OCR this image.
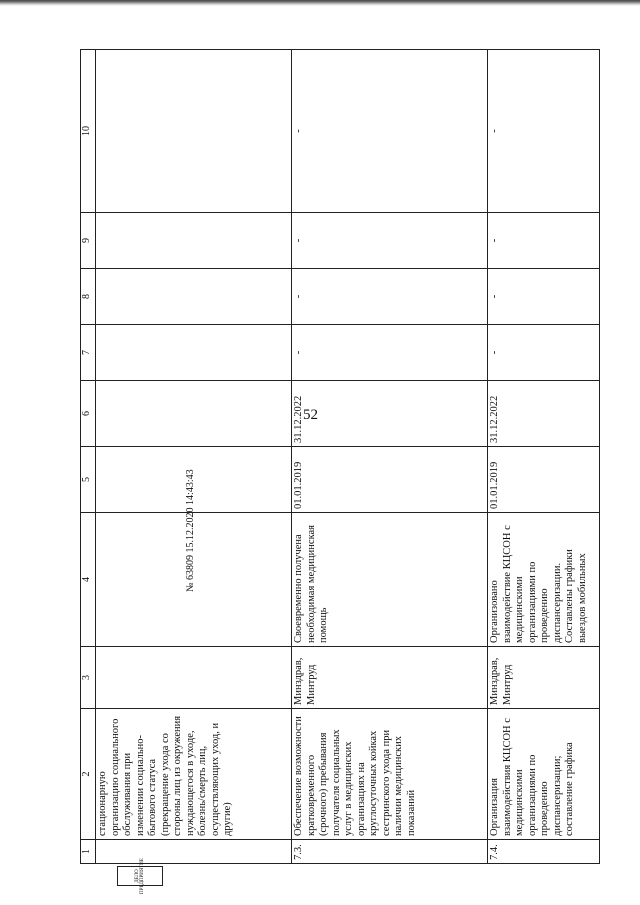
52
1	2	3	4	5	6	7	8	9	10
	стационарную организацию социального обслуживания при изменении социально-бытового статуса (прекращение ухода со стороны лиц из окружения нуждающегося в уходе, болезнь/смерть лиц, осуществляющих уход, и другие)								
7.3.	Обеспечение возможности кратковременного (срочного) пребывания получателя социальных услуг в медицинских организациях на круглосуточных койках сестринского ухода при наличии медицинских показаний	Минздрав, Минтруд	Своевременно получена необходимая медицинская помощь	01.01.2019	31.12.2022	-	-	-	-
7.4.	Организация взаимодействия КЦСОН с медицинскими организациями по проведению диспансеризации; составление графика	Минздрав, Минтруд	Организовано взаимодействие КЦСОН с медицинскими организациями по проведению диспансеризации. Составлены графики выездов мобильных	01.01.2019	31.12.2022	-	-	-	-
№ 63809 15.12.2020 14:43:43
ДЕЛО ПРЕДПРИЯТИЕ
